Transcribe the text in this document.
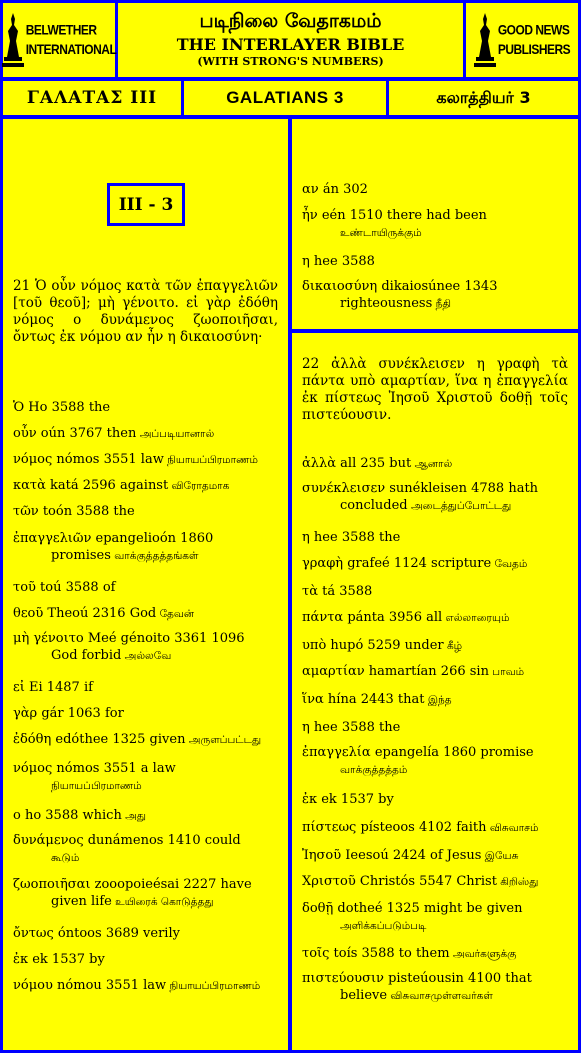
BELWETHER
INTERNATIONAL
படிநிலை வேதாகமம்
THE INTERLAYER BIBLE
(WITH STRONG'S NUMBERS)
GOOD NEWS
PUBLISHERS
ΓΑΛΑΤΑΣ III	GALATIANS 3	கலாத்தியர் 3
III - 3
21 Ὁ οὖν νόμος κατὰ τῶν ἐπαγγελιῶν [τοῦ θεοῦ]; μὴ γένοιτο. εἰ γὰρ ἐδόθη νόμος ο δυνάμενος ζωοποιῆσαι, ὄντως ἐκ νόμου αν ἦν η δικαιοσύνη·
Ὁ Ho 3588 the
οὖν oún 3767 then அப்படியானால்
νόμος nómos 3551 law நியாயப்பிரமாணம்
κατὰ katá 2596 against விரோதமாக
τῶν toón 3588 the
ἐπαγγελιῶν epangelioón 1860
promises வாக்குத்தத்தங்கள்
τοῦ toú 3588 of
θεοῦ Theoú 2316 God தேவன்
μὴ γένοιτο Meé génoito 3361 1096
God forbid அல்லவே
εἰ Ei 1487 if
γὰρ gár 1063 for
ἐδόθη edóthee 1325 given அருளப்பட்டது
νόμος nómos 3551 a law
நியாயப்பிரமாணம்
ο ho 3588 which அது
δυνάμενος dunámenos 1410 could
கூடும்
ζωοποιῆσαι zooopoieésai 2227 have
given life உயிரைக் கொடுத்தது
ὄντως óntoos 3689 verily
ἐκ ek 1537 by
νόμου nómou 3551 law நியாயப்பிரமாணம்
αν án 302
ἦν eén 1510 there had been
உண்டாயிருக்கும்
η hee 3588
δικαιοσύνη dikaiosúnee 1343
righteousness நீதி
22 ἀλλὰ συνέκλεισεν η γραφὴ τὰ πάντα υπὸ αμαρτίαν, ἵνα η ἐπαγγελία ἐκ πίστεως Ἰησοῦ Χριστοῦ δοθῇ τοῖς πιστεύουσιν.
ἀλλὰ all 235 but ஆனால்
συνέκλεισεν sunékleisen 4788 hath
concluded அடைத்துப்போட்டது
η hee 3588 the
γραφὴ grafeé 1124 scripture வேதம்
τὰ tá 3588
πάντα pánta 3956 all எல்லாரையும்
υπὸ hupó 5259 under கீழ்
αμαρτίαν hamartían 266 sin பாவம்
ἵνα hína 2443 that இந்த
η hee 3588 the
ἐπαγγελία epangelía 1860 promise
வாக்குத்தத்தம்
ἐκ ek 1537 by
πίστεως písteoos 4102 faith விசுவாசம்
Ἰησοῦ Ieesoú 2424 of Jesus இயேசு
Χριστοῦ Christós 5547 Christ கிறிஸ்து
δοθῇ dotheé 1325 might be given
அளிக்கப்படும்படி
τοῖς toís 3588 to them அவர்களுக்கு
πιστεύουσιν pisteúousin 4100 that
believe விசுவாசமுள்ளவர்கள்
